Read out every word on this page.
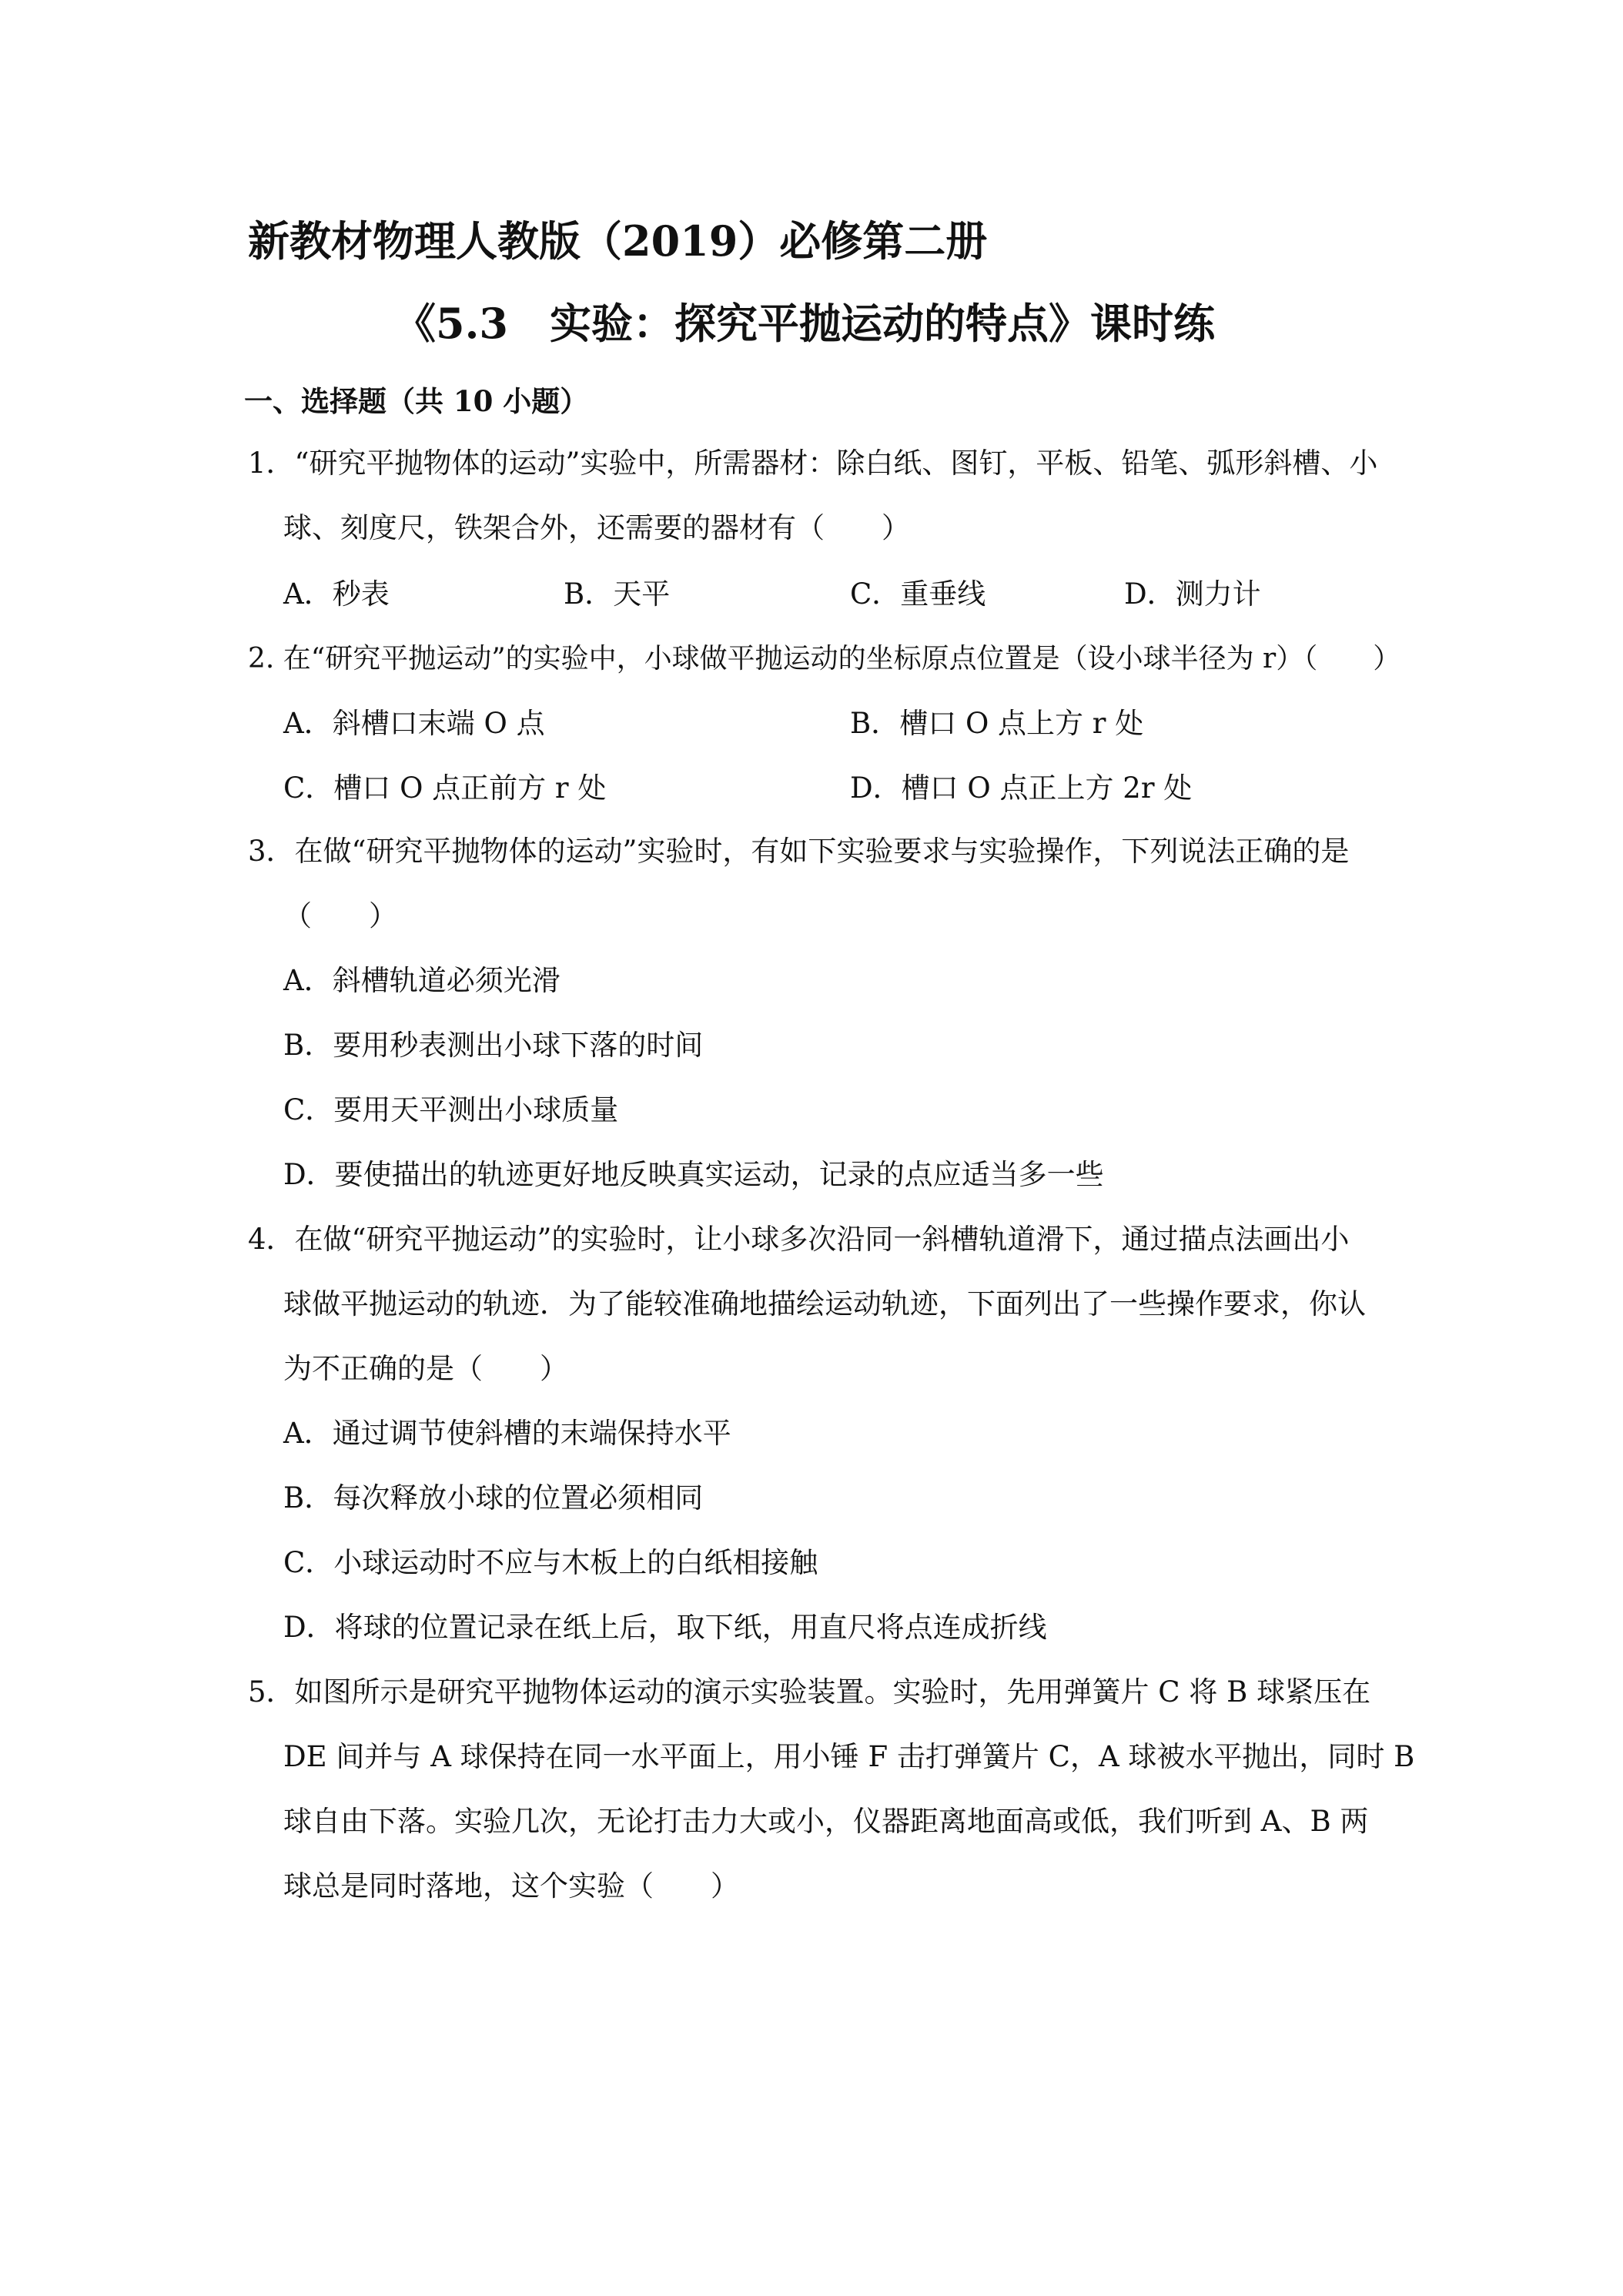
新教材物理人教版（2019）必修第二册
《5.3　实验：探究平抛运动的特点》课时练
一、选择题（共 10 小题）
1．“研究平抛物体的运动”实验中，所需器材：除白纸、图钉，平板、铅笔、弧形斜槽、小
球、刻度尺，铁架合外，还需要的器材有（　　）
A．秒表	B．天平	C．重垂线	D．测力计
2. 在“研究平抛运动”的实验中，小球做平抛运动的坐标原点位置是（设小球半径为 r）（　　）
A．斜槽口末端 O 点	B．槽口 O 点上方 r 处
C．槽口 O 点正前方 r 处	D．槽口 O 点正上方 2r 处
3．在做“研究平抛物体的运动”实验时，有如下实验要求与实验操作，下列说法正确的是
（　　）
A．斜槽轨道必须光滑
B．要用秒表测出小球下落的时间
C．要用天平测出小球质量
D．要使描出的轨迹更好地反映真实运动，记录的点应适当多一些
4．在做“研究平抛运动”的实验时，让小球多次沿同一斜槽轨道滑下，通过描点法画出小
球做平抛运动的轨迹．为了能较准确地描绘运动轨迹，下面列出了一些操作要求，你认
为不正确的是（　　）
A．通过调节使斜槽的末端保持水平
B．每次释放小球的位置必须相同
C．小球运动时不应与木板上的白纸相接触
D．将球的位置记录在纸上后，取下纸，用直尺将点连成折线
5．如图所示是研究平抛物体运动的演示实验装置。实验时，先用弹簧片 C 将 B 球紧压在
DE 间并与 A 球保持在同一水平面上，用小锤 F 击打弹簧片 C，A 球被水平抛出，同时 B
球自由下落。实验几次，无论打击力大或小，仪器距离地面高或低，我们听到 A、B 两
球总是同时落地，这个实验（　　）
